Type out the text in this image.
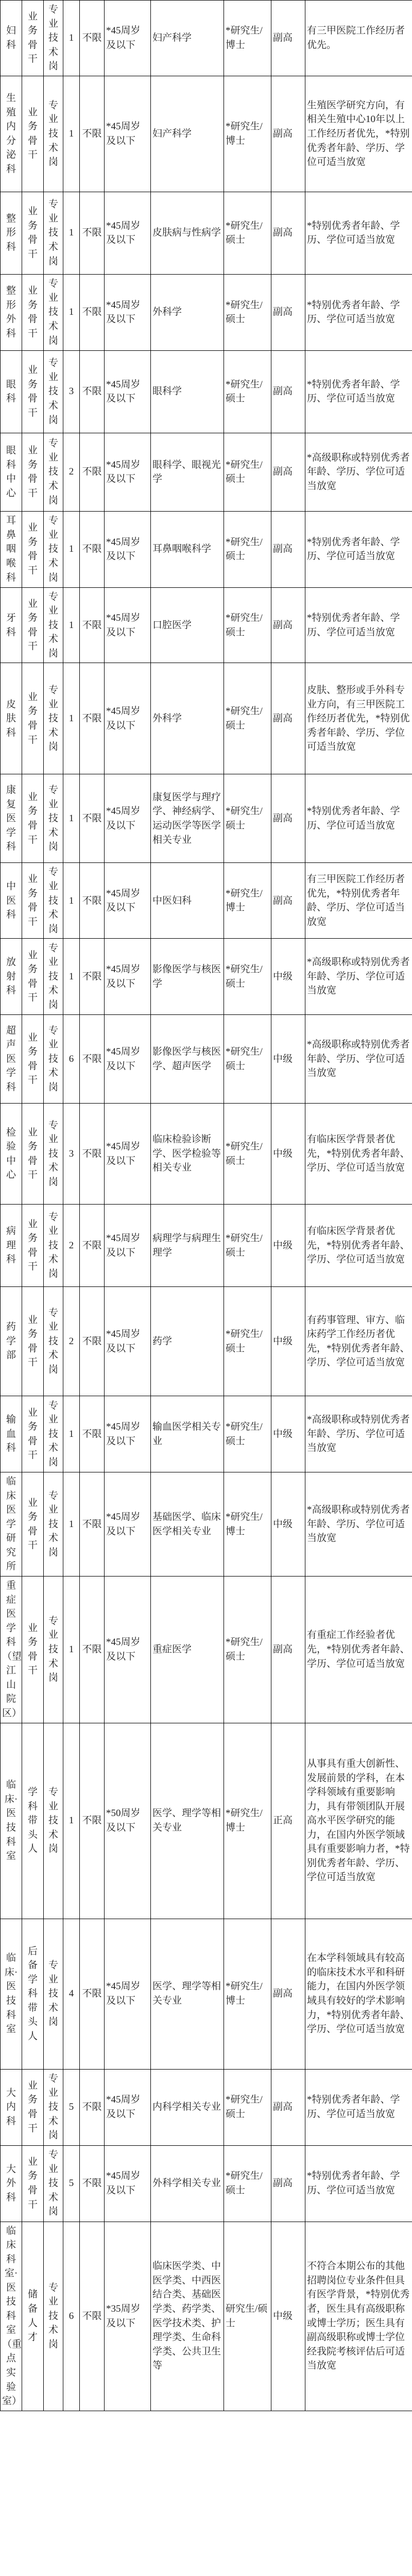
妇科	业务骨干	专业技术岗	1	不限	*45周岁及以下	妇产科学	*研究生/博士	副高	有三甲医院工作经历者优先。
生殖内分泌科	业务骨干	专业技术岗	1	不限	*45周岁及以下	妇产科学	*研究生/博士	副高	生殖医学研究方向，有相关生殖中心10年以上工作经历者优先，*特别优秀者年龄、学历、学位可适当放宽
整形科	业务骨干	专业技术岗	1	不限	*45周岁及以下	皮肤病与性病学	*研究生/硕士	副高	*特别优秀者年龄、学历、学位可适当放宽
整形外科	业务骨干	专业技术岗	1	不限	*45周岁及以下	外科学	*研究生/硕士	副高	*特别优秀者年龄、学历、学位可适当放宽
眼科	业务骨干	专业技术岗	3	不限	*45周岁及以下	眼科学	*研究生/硕士	副高	*特别优秀者年龄、学历、学位可适当放宽
眼科中心	业务骨干	专业技术岗	2	不限	*45周岁及以下	眼科学、眼视光学	*研究生/硕士	副高	*高级职称或特别优秀者年龄、学历、学位可适当放宽
耳鼻咽喉科	业务骨干	专业技术岗	1	不限	*45周岁及以下	耳鼻咽喉科学	*研究生/硕士	副高	*特别优秀者年龄、学历、学位可适当放宽
牙科	业务骨干	专业技术岗	1	不限	*45周岁及以下	口腔医学	*研究生/硕士	副高	*特别优秀者年龄、学历、学位可适当放宽
皮肤科	业务骨干	专业技术岗	1	不限	*45周岁及以下	外科学	*研究生/硕士	副高	皮肤、整形或手外科专业方向，有三甲医院工作经历者优先，*特别优秀者年龄、学历、学位可适当放宽
康复医学科	业务骨干	专业技术岗	1	不限	*45周岁及以下	康复医学与理疗学、神经病学、运动医学等医学相关专业	*研究生/硕士	副高	*特别优秀者年龄、学历、学位可适当放宽
中医科	业务骨干	专业技术岗	1	不限	*45周岁及以下	中医妇科	*研究生/博士	副高	有三甲医院工作经历者优先，*特别优秀者年龄、学历、学位可适当放宽
放射科	业务骨干	专业技术岗	1	不限	*45周岁及以下	影像医学与核医学	*研究生/硕士	中级	*高级职称或特别优秀者年龄、学历、学位可适当放宽
超声医学科	业务骨干	专业技术岗	6	不限	*45周岁及以下	影像医学与核医学、超声医学	*研究生/硕士	中级	*高级职称或特别优秀者年龄、学历、学位可适当放宽
检验中心	业务骨干	专业技术岗	3	不限	*45周岁及以下	临床检验诊断学、医学检验等相关专业	*研究生/硕士	中级	有临床医学背景者优先，*特别优秀者年龄、学历、学位可适当放宽
病理科	业务骨干	专业技术岗	2	不限	*45周岁及以下	病理学与病理生理学	*研究生/硕士	中级	有临床医学背景者优先，*特别优秀者年龄、学历、学位可适当放宽
药学部	业务骨干	专业技术岗	2	不限	*45周岁及以下	药学	*研究生/硕士	中级	有药事管理、审方、临床药学工作经历者优先，*特别优秀者年龄、学历、学位可适当放宽
输血科	业务骨干	专业技术岗	1	不限	*45周岁及以下	输血医学相关专业	*研究生/硕士	中级	*高级职称或特别优秀者年龄、学历、学位可适当放宽
临床医学研究所	业务骨干	专业技术岗	1	不限	*45周岁及以下	基础医学、临床医学相关专业	*研究生/博士	中级	*高级职称或特别优秀者年龄、学历、学位可适当放宽
重症医学科（望江山院区）	业务骨干	专业技术岗	1	不限	*45周岁及以下	重症医学	*研究生/硕士	副高	有重症工作经验者优先，*特别优秀者年龄、学历、学位可适当放宽
临床·医技科室	学科带头人	专业技术岗	1	不限	*50周岁及以下	医学、理学等相关专业	*研究生/博士	正高	从事具有重大创新性、发展前景的学科，在本学科领域有重要影响力，具有带领团队开展高水平医学研究的能力，在国内外医学领域具有重要影响力者，*特别优秀者年龄、学历、学位可适当放宽
临床·医技科室	后备学科带头人	专业技术岗	4	不限	*45周岁及以下	医学、理学等相关专业	*研究生/博士	副高	在本学科领域具有较高的临床技术水平和科研能力，在国内外医学领域具有较好的学术影响力，*特别优秀者年龄、学历、学位可适当放宽
大内科	业务骨干	专业技术岗	5	不限	*45周岁及以下	内科学相关专业	*研究生/硕士	副高	*特别优秀者年龄、学历、学位可适当放宽
大外科	业务骨干	专业技术岗	5	不限	*45周岁及以下	外科学相关专业	*研究生/硕士	副高	*特别优秀者年龄、学历、学位可适当放宽
临床科室·医技科室（重点实验室）	储备人才	专业技术岗	6	不限	*35周岁及以下	临床医学类、中医学类、中西医结合类、基础医学类、药学类、医学技术类、护理学类、生命科学类、公共卫生等	研究生/硕士	中级	不符合本期公布的其他招聘岗位专业条件但具有医学背景，*特别优秀者，医生具有高级职称或博士学历；医生具有副高级职称或博士学位经我院考核评估后可适当放宽
